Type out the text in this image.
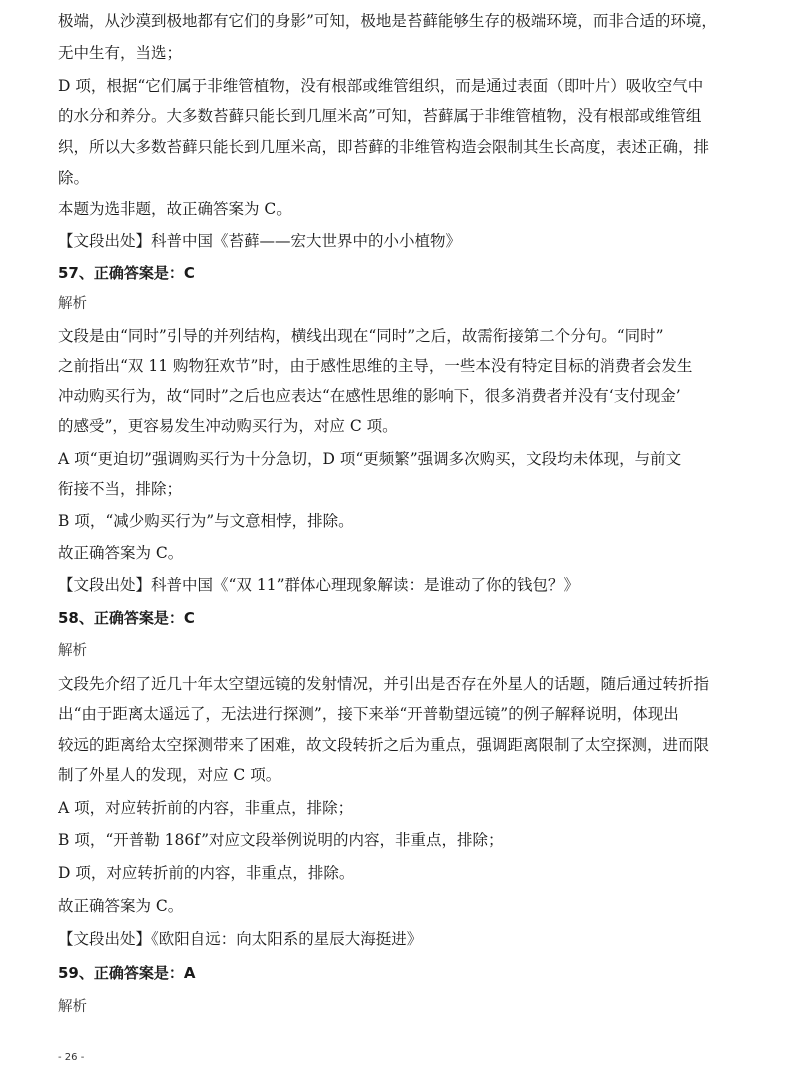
极端，从沙漠到极地都有它们的身影”可知，极地是苔藓能够生存的极端环境，而非合适的环境，
无中生有，当选；
D 项，根据“它们属于非维管植物，没有根部或维管组织，而是通过表面（即叶片）吸收空气中
的水分和养分。大多数苔藓只能长到几厘米高”可知，苔藓属于非维管植物，没有根部或维管组
织，所以大多数苔藓只能长到几厘米高，即苔藓的非维管构造会限制其生长高度，表述正确，排
除。
本题为选非题，故正确答案为 C。
【文段出处】科普中国《苔藓——宏大世界中的小小植物》
57、正确答案是：C
解析
文段是由“同时”引导的并列结构，横线出现在“同时”之后，故需衔接第二个分句。“同时”
之前指出“双 11 购物狂欢节”时，由于感性思维的主导，一些本没有特定目标的消费者会发生
冲动购买行为，故“同时”之后也应表达“在感性思维的影响下，很多消费者并没有‘支付现金’
的感受”，更容易发生冲动购买行为，对应 C 项。
A 项“更迫切”强调购买行为十分急切，D 项“更频繁”强调多次购买，文段均未体现，与前文
衔接不当，排除；
B 项，“减少购买行为”与文意相悖，排除。
故正确答案为 C。
【文段出处】科普中国《“双 11”群体心理现象解读：是谁动了你的钱包？》
58、正确答案是：C
解析
文段先介绍了近几十年太空望远镜的发射情况，并引出是否存在外星人的话题，随后通过转折指
出“由于距离太遥远了，无法进行探测”，接下来举“开普勒望远镜”的例子解释说明，体现出
较远的距离给太空探测带来了困难，故文段转折之后为重点，强调距离限制了太空探测，进而限
制了外星人的发现，对应 C 项。
A 项，对应转折前的内容，非重点，排除；
B 项，“开普勒 186f”对应文段举例说明的内容，非重点，排除；
D 项，对应转折前的内容，非重点，排除。
故正确答案为 C。
【文段出处】《欧阳自远：向太阳系的星辰大海挺进》
59、正确答案是：A
解析
- 26 -
